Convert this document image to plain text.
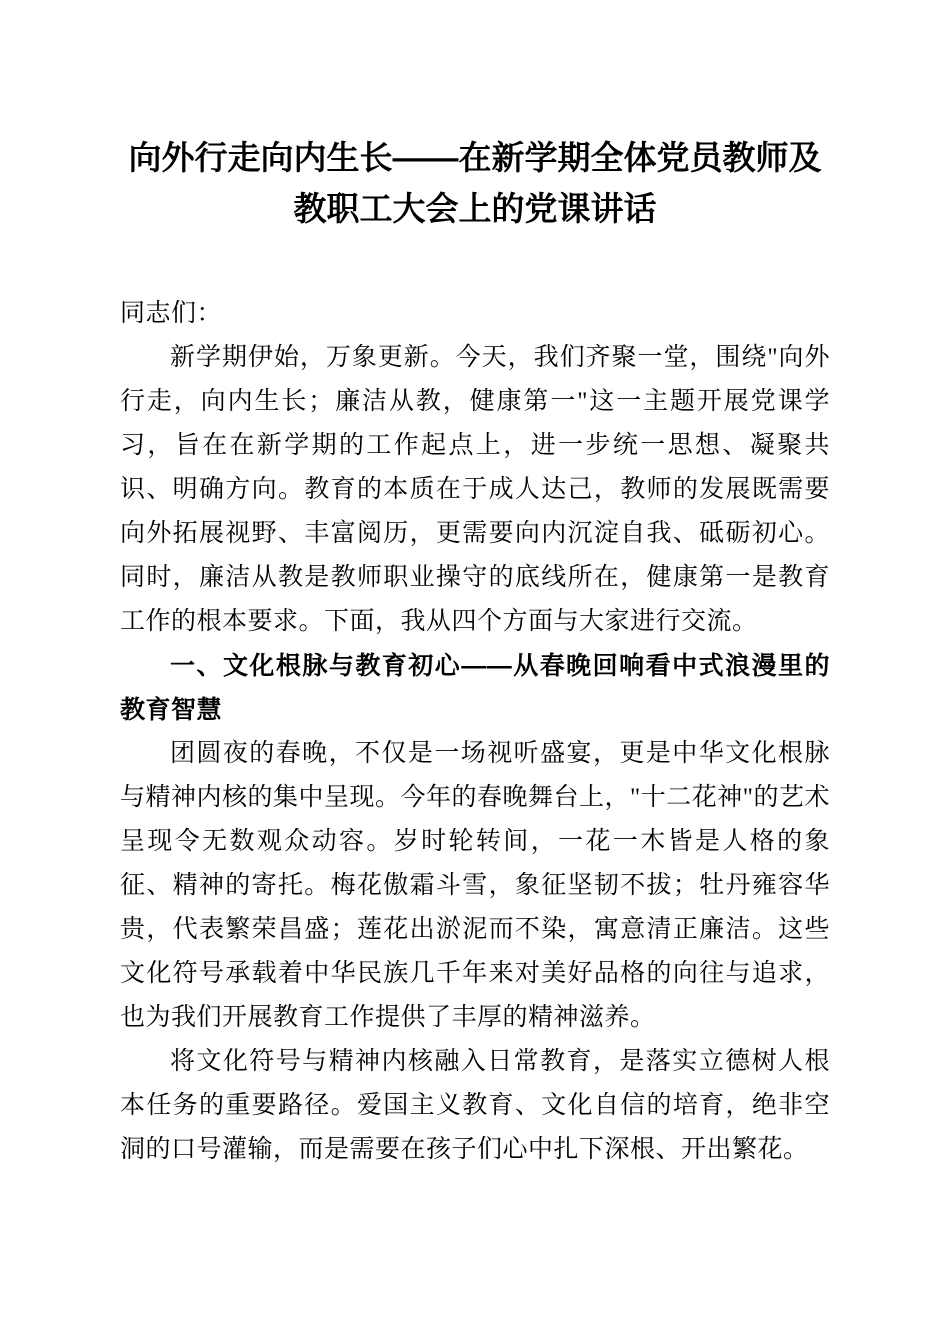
向外行走向内生长——在新学期全体党员教师及教职工大会上的党课讲话

同志们：

新学期伊始，万象更新。今天，我们齐聚一堂，围绕"向外行走，向内生长；廉洁从教，健康第一"这一主题开展党课学习，旨在在新学期的工作起点上，进一步统一思想、凝聚共识、明确方向。教育的本质在于成人达己，教师的发展既需要向外拓展视野、丰富阅历，更需要向内沉淀自我、砥砺初心。同时，廉洁从教是教师职业操守的底线所在，健康第一是教育工作的根本要求。下面，我从四个方面与大家进行交流。

一、文化根脉与教育初心——从春晚回响看中式浪漫里的教育智慧

团圆夜的春晚，不仅是一场视听盛宴，更是中华文化根脉与精神内核的集中呈现。今年的春晚舞台上，"十二花神"的艺术呈现令无数观众动容。岁时轮转间，一花一木皆是人格的象征、精神的寄托。梅花傲霜斗雪，象征坚韧不拔；牡丹雍容华贵，代表繁荣昌盛；莲花出淤泥而不染，寓意清正廉洁。这些文化符号承载着中华民族几千年来对美好品格的向往与追求，也为我们开展教育工作提供了丰厚的精神滋养。

将文化符号与精神内核融入日常教育，是落实立德树人根本任务的重要路径。爱国主义教育、文化自信的培育，绝非空洞的口号灌输，而是需要在孩子们心中扎下深根、开出繁花。
